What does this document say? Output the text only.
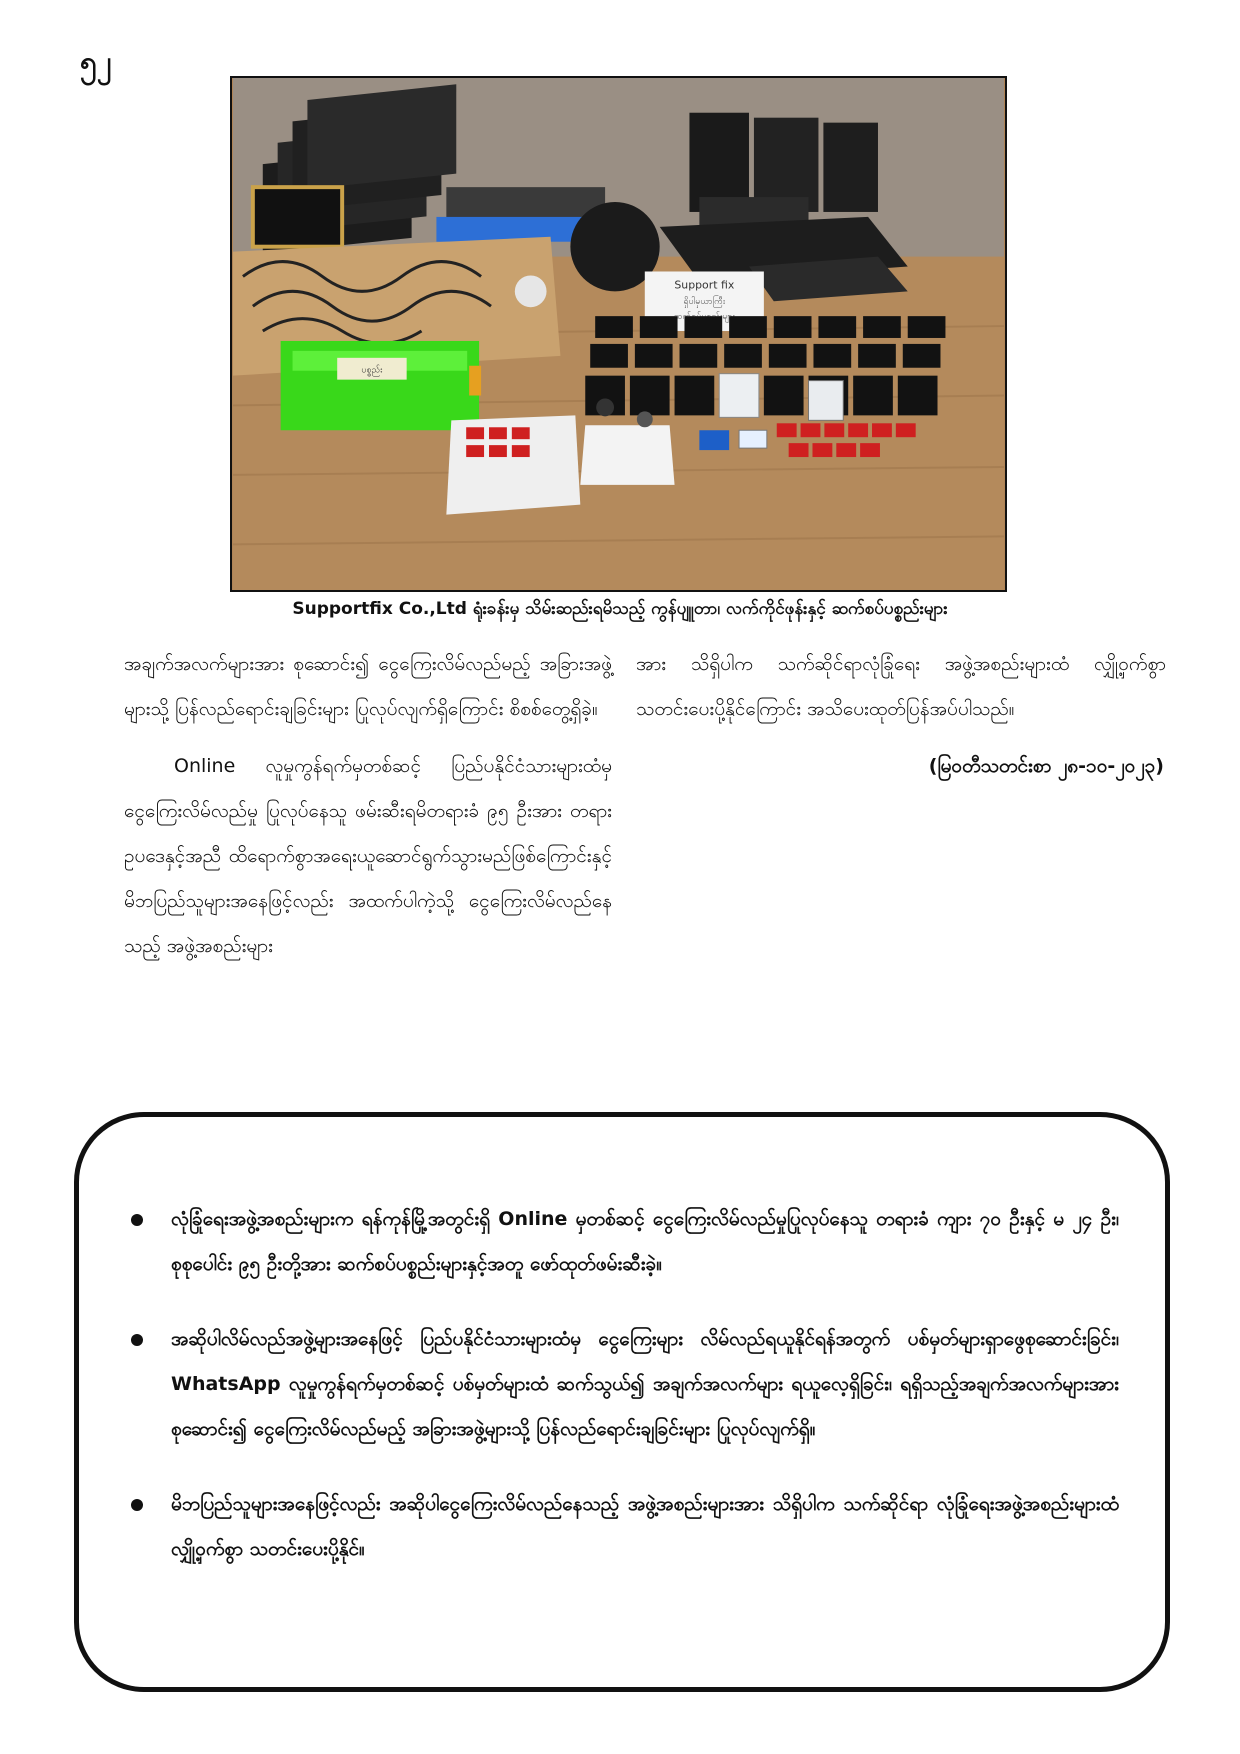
၅၂
Support fix
ရှိပါမှယာကြီး
ပစ္စည်း
Supportfix Co.,Ltd ရုံးခန်းမှ သိမ်းဆည်းရမိသည့် ကွန်ပျူတာ၊ လက်ကိုင်ဖုန်းနှင့် ဆက်စပ်ပစ္စည်းများ

အချက်အလက်များအား စုဆောင်း၍ ငွေကြေးလိမ်လည်မည့် အခြားအဖွဲ့များသို့ ပြန်လည်ရောင်းချခြင်းများ ပြုလုပ်လျက်ရှိကြောင်း စိစစ်တွေ့ရှိခဲ့။

Online လူမှုကွန်ရက်မှတစ်ဆင့် ပြည်ပနိုင်ငံသားများထံမှ ငွေကြေးလိမ်လည်မှု ပြုလုပ်နေသူ ဖမ်းဆီးရမိတရားခံ ၉၅ ဦးအား တရားဥပဒေနှင့်အညီ ထိရောက်စွာအရေးယူဆောင်ရွက်သွားမည်ဖြစ်ကြောင်းနှင့် မိဘပြည်သူများအနေဖြင့်လည်း အထက်ပါကဲ့သို့ ငွေကြေးလိမ်လည်နေသည့် အဖွဲ့အစည်းများ

အား သိရှိပါက သက်ဆိုင်ရာလုံခြုံရေး အဖွဲ့အစည်းများထံ လျှို့ဝှက်စွာ သတင်းပေးပို့နိုင်ကြောင်း အသိပေးထုတ်ပြန်အပ်ပါသည်။

(မြဝတီသတင်းစာ ၂၈-၁၀-၂၀၂၃)

လုံခြုံရေးအဖွဲ့အစည်းများက ရန်ကုန်မြို့အတွင်းရှိ Online မှတစ်ဆင့် ငွေကြေးလိမ်လည်မှုပြုလုပ်နေသူ တရားခံ ကျား ၇၀ ဦးနှင့် မ ၂၄ ဦး၊ စုစုပေါင်း ၉၅ ဦးတို့အား ဆက်စပ်ပစ္စည်းများနှင့်အတူ ဖော်ထုတ်ဖမ်းဆီးခဲ့။
အဆိုပါလိမ်လည်အဖွဲ့များအနေဖြင့် ပြည်ပနိုင်ငံသားများထံမှ ငွေကြေးများ လိမ်လည်ရယူနိုင်ရန်အတွက် ပစ်မှတ်များရှာဖွေစုဆောင်းခြင်း၊ WhatsApp လူမှုကွန်ရက်မှတစ်ဆင့် ပစ်မှတ်များထံ ဆက်သွယ်၍ အချက်အလက်များ ရယူလေ့ရှိခြင်း၊ ရရှိသည့်အချက်အလက်များအားစုဆောင်း၍ ငွေကြေးလိမ်လည်မည့် အခြားအဖွဲ့များသို့ ပြန်လည်ရောင်းချခြင်းများ ပြုလုပ်လျက်ရှိ။
မိဘပြည်သူများအနေဖြင့်လည်း အဆိုပါငွေကြေးလိမ်လည်နေသည့် အဖွဲ့အစည်းများအား သိရှိပါက သက်ဆိုင်ရာ လုံခြုံရေးအဖွဲ့အစည်းများထံ လျှို့ဝှက်စွာ သတင်းပေးပို့နိုင်။
